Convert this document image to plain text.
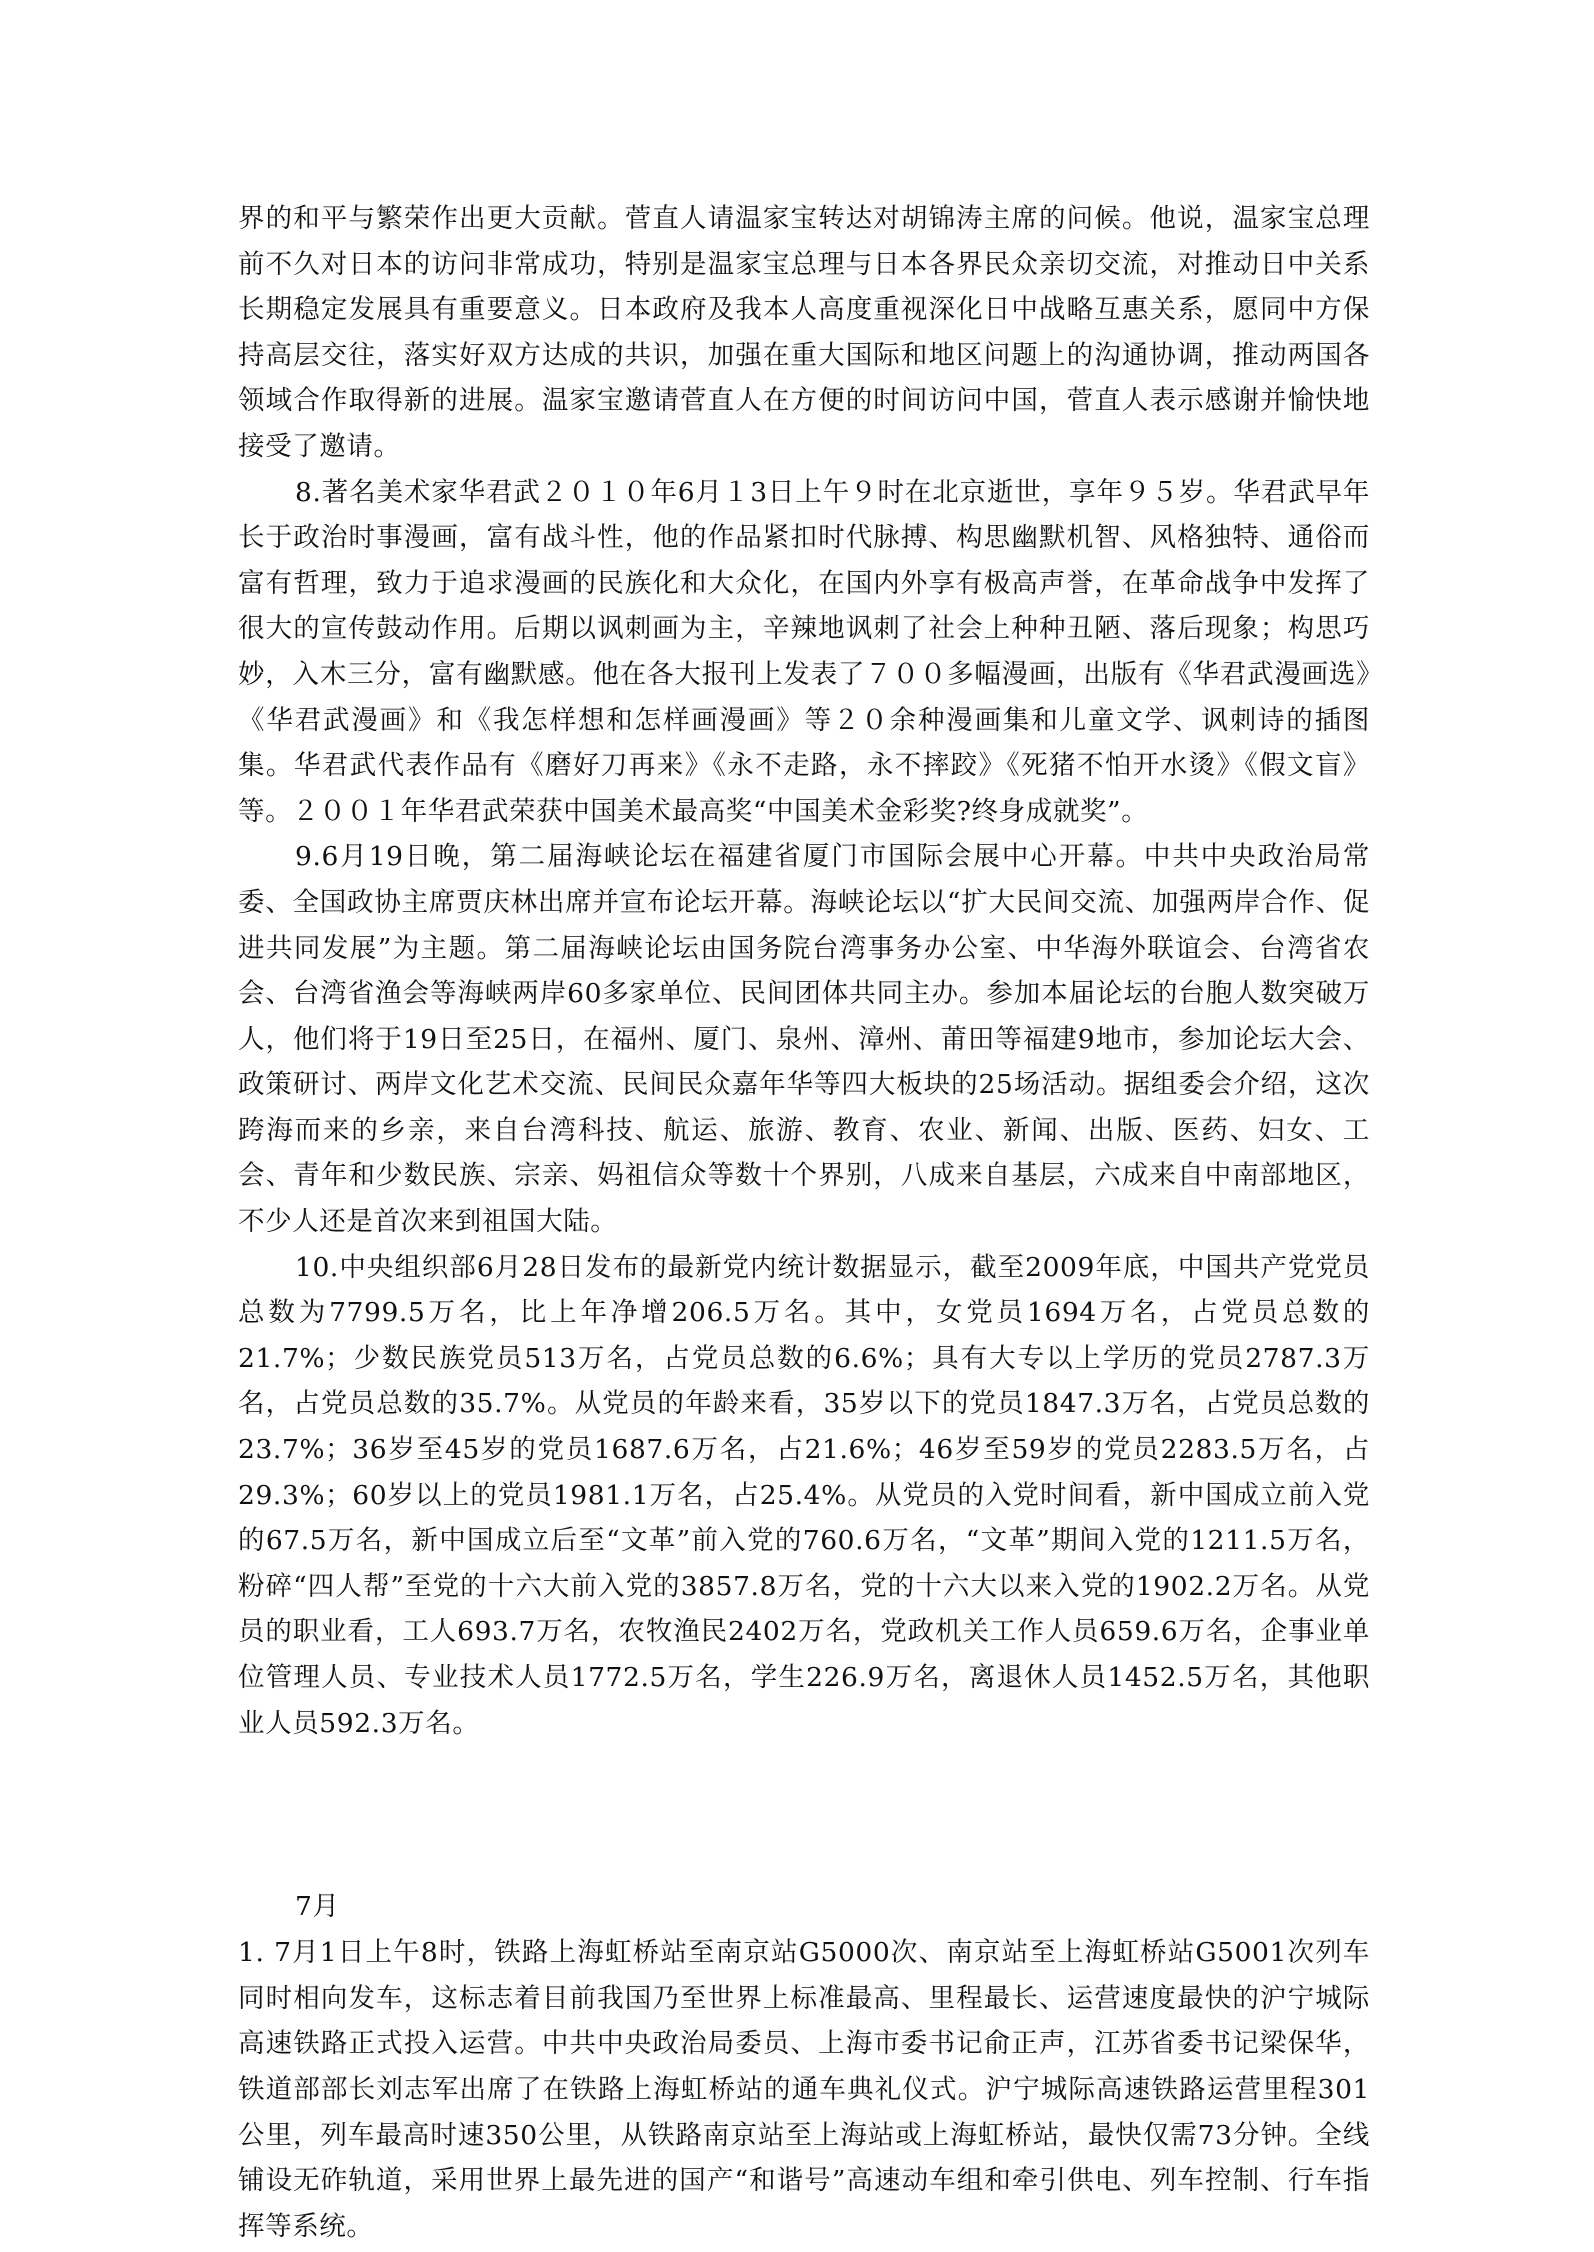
界的和平与繁荣作出更大贡献。菅直人请温家宝转达对胡锦涛主席的问候。他说，温家宝总理前不久对日本的访问非常成功，特别是温家宝总理与日本各界民众亲切交流，对推动日中关系长期稳定发展具有重要意义。日本政府及我本人高度重视深化日中战略互惠关系，愿同中方保持高层交往，落实好双方达成的共识，加强在重大国际和地区问题上的沟通协调，推动两国各领域合作取得新的进展。温家宝邀请菅直人在方便的时间访问中国，菅直人表示感谢并愉快地接受了邀请。

8.著名美术家华君武２０１０年6月１3日上午９时在北京逝世，享年９５岁。华君武早年长于政治时事漫画，富有战斗性，他的作品紧扣时代脉搏、构思幽默机智、风格独特、通俗而富有哲理，致力于追求漫画的民族化和大众化，在国内外享有极高声誉，在革命战争中发挥了很大的宣传鼓动作用。后期以讽刺画为主，辛辣地讽刺了社会上种种丑陋、落后现象；构思巧妙，入木三分，富有幽默感。他在各大报刊上发表了７００多幅漫画，出版有《华君武漫画选》《华君武漫画》和《我怎样想和怎样画漫画》等２０余种漫画集和儿童文学、讽刺诗的插图集。华君武代表作品有《磨好刀再来》《永不走路，永不摔跤》《死猪不怕开水烫》《假文盲》等。２００１年华君武荣获中国美术最高奖“中国美术金彩奖?终身成就奖”。

9.6月19日晚，第二届海峡论坛在福建省厦门市国际会展中心开幕。中共中央政治局常委、全国政协主席贾庆林出席并宣布论坛开幕。海峡论坛以“扩大民间交流、加强两岸合作、促进共同发展”为主题。第二届海峡论坛由国务院台湾事务办公室、中华海外联谊会、台湾省农会、台湾省渔会等海峡两岸60多家单位、民间团体共同主办。参加本届论坛的台胞人数突破万人，他们将于19日至25日，在福州、厦门、泉州、漳州、莆田等福建9地市，参加论坛大会、政策研讨、两岸文化艺术交流、民间民众嘉年华等四大板块的25场活动。据组委会介绍，这次跨海而来的乡亲，来自台湾科技、航运、旅游、教育、农业、新闻、出版、医药、妇女、工会、青年和少数民族、宗亲、妈祖信众等数十个界别，八成来自基层，六成来自中南部地区，不少人还是首次来到祖国大陆。

10.中央组织部6月28日发布的最新党内统计数据显示，截至2009年底，中国共产党党员总数为7799.5万名，比上年净增206.5万名。其中，女党员1694万名，占党员总数的21.7%；少数民族党员513万名，占党员总数的6.6%；具有大专以上学历的党员2787.3万名，占党员总数的35.7%。从党员的年龄来看，35岁以下的党员1847.3万名，占党员总数的23.7%；36岁至45岁的党员1687.6万名，占21.6%；46岁至59岁的党员2283.5万名，占29.3%；60岁以上的党员1981.1万名，占25.4%。从党员的入党时间看，新中国成立前入党的67.5万名，新中国成立后至“文革”前入党的760.6万名，“文革”期间入党的1211.5万名，粉碎“四人帮”至党的十六大前入党的3857.8万名，党的十六大以来入党的1902.2万名。从党员的职业看，工人693.7万名，农牧渔民2402万名，党政机关工作人员659.6万名，企事业单位管理人员、专业技术人员1772.5万名，学生226.9万名，离退休人员1452.5万名，其他职业人员592.3万名。

7月

1. 7月1日上午8时，铁路上海虹桥站至南京站G5000次、南京站至上海虹桥站G5001次列车同时相向发车，这标志着目前我国乃至世界上标准最高、里程最长、运营速度最快的沪宁城际高速铁路正式投入运营。中共中央政治局委员、上海市委书记俞正声，江苏省委书记梁保华，铁道部部长刘志军出席了在铁路上海虹桥站的通车典礼仪式。沪宁城际高速铁路运营里程301公里，列车最高时速350公里，从铁路南京站至上海站或上海虹桥站，最快仅需73分钟。全线铺设无砟轨道，采用世界上最先进的国产“和谐号”高速动车组和牵引供电、列车控制、行车指挥等系统。
